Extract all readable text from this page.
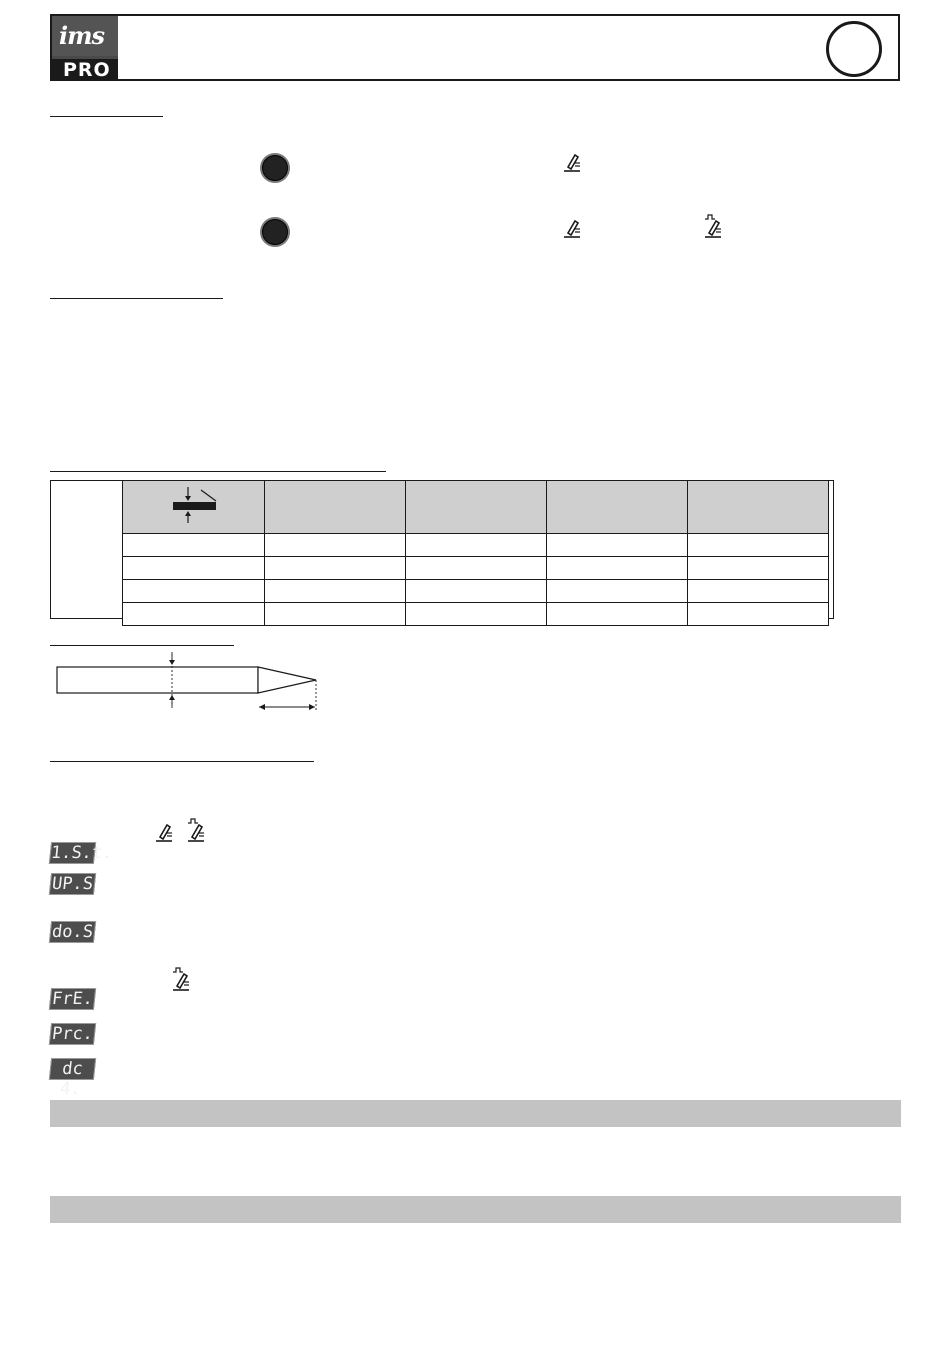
ims
PRO

1.S.t.
UP.S
do.S
FrE.
Prc.
dc 4.
